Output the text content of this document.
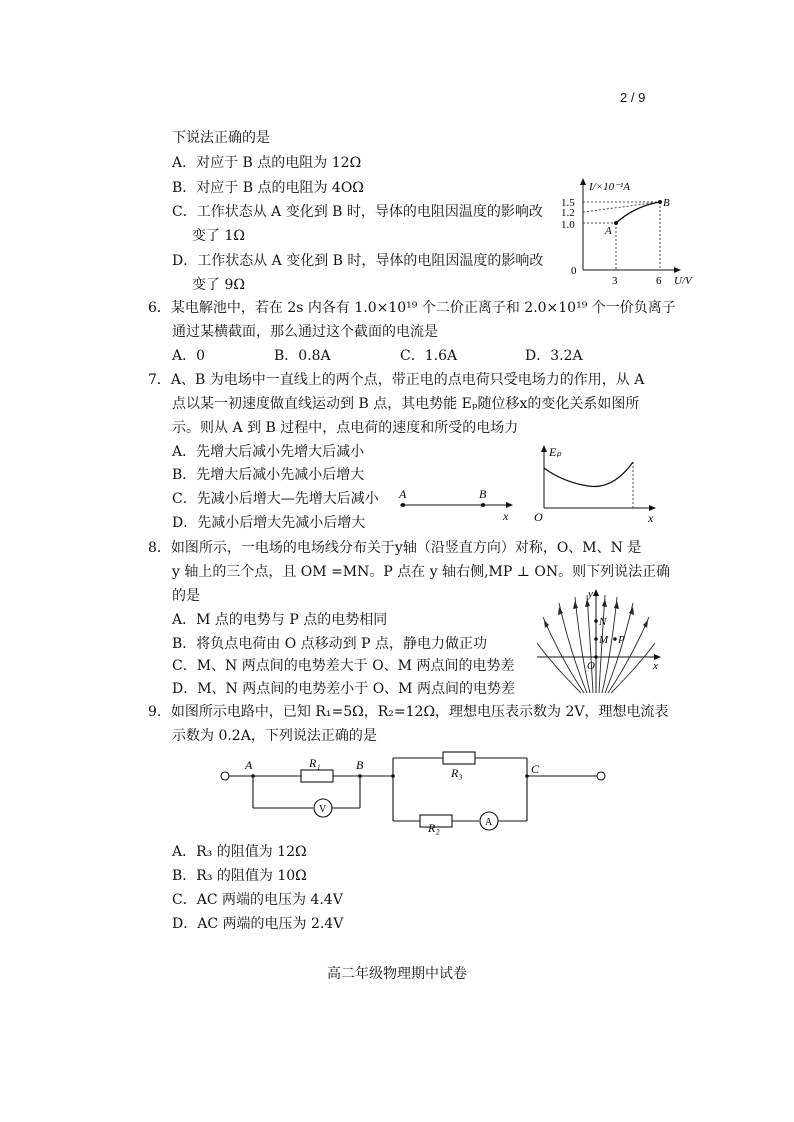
2 / 9
下说法正确的是
A．对应于 B 点的电阻为 12Ω
B．对应于 B 点的电阻为 4OΩ
C．工作状态从 A 变化到 B 时，导体的电阻因温度的影响改
变了 1Ω
D．工作状态从 A 变化到 B 时，导体的电阻因温度的影响改
变了 9Ω
I/×10⁻¹A
U/V
1.5
1.2
1.0
0
3	6
A
B
6．某电解池中，若在 2s 内各有 1.0×10¹⁹ 个二价正离子和 2.0×10¹⁹ 个一价负离子
通过某横截面，那么通过这个截面的电流是
A．0	B．0.8A	C．1.6A	D．3.2A
7．A、B 为电场中一直线上的两个点，带正电的点电荷只受电场力的作用，从 A
点以某一初速度做直线运动到 B 点，其电势能 Eₚ随位移x的变化关系如图所
示。则从 A 到 B 过程中，点电荷的速度和所受的电场力
A．先增大后减小先增大后减小
B．先增大后减小先减小后增大
C．先减小后增大—先增大后减小
D．先减小后增大先减小后增大
A	B
x
Eₚ
O	x
8．如图所示，一电场的电场线分布关于y轴（沿竖直方向）对称，O、M、N 是
y 轴上的三个点，且 OM =MN。P 点在 y 轴右侧,MP ⊥ ON。则下列说法正确
的是
A．M 点的电势与 P 点的电势相同
B．将负点电荷由 O 点移动到 P 点，静电力做正功
C．M、N 两点间的电势差大于 O、M 两点间的电势差
D．M、N 两点间的电势差小于 O、M 两点间的电势差
y
x
O
M
N
P
9．如图所示电路中，已知 R₁=5Ω，R₂=12Ω，理想电压表示数为 2V，理想电流表
示数为 0.2A，下列说法正确的是
A	B	C
R₁
R₃
R₂
V
A
A．R₃ 的阻值为 12Ω
B．R₃ 的阻值为 10Ω
C．AC 两端的电压为 4.4V
D．AC 两端的电压为 2.4V
高二年级物理期中试卷
